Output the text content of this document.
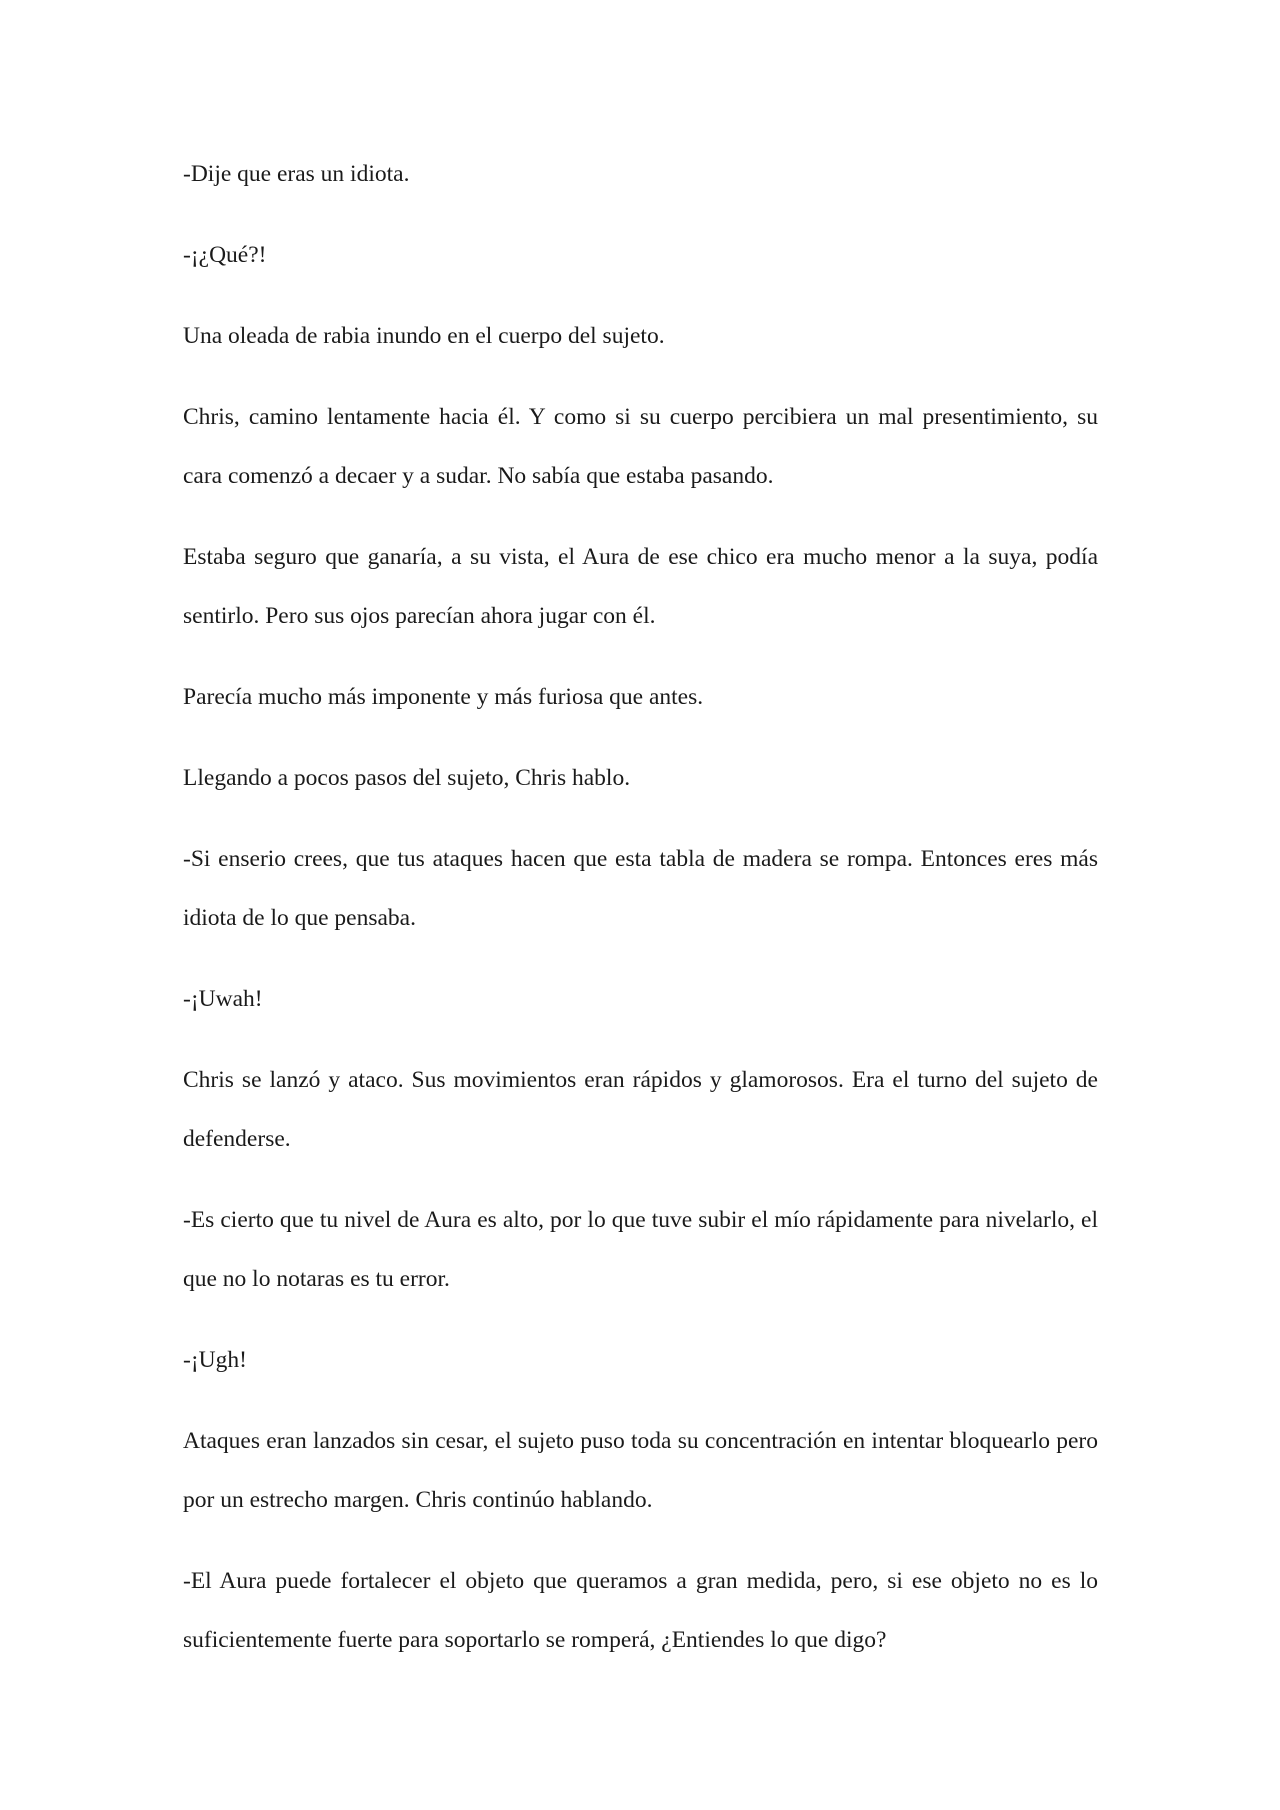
-Dije que eras un idiota.

-¡¿Qué?!

Una oleada de rabia inundo en el cuerpo del sujeto.

Chris, camino lentamente hacia él. Y como si su cuerpo percibiera un mal presentimiento, su cara comenzó a decaer y a sudar. No sabía que estaba pasando.

Estaba seguro que ganaría, a su vista, el Aura de ese chico era mucho menor a la suya, podía sentirlo. Pero sus ojos parecían ahora jugar con él.

Parecía mucho más imponente y más furiosa que antes.

Llegando a pocos pasos del sujeto, Chris hablo.

-Si enserio crees, que tus ataques hacen que esta tabla de madera se rompa. Entonces eres más idiota de lo que pensaba.

-¡Uwah!

Chris se lanzó y ataco. Sus movimientos eran rápidos y glamorosos. Era el turno del sujeto de defenderse.

-Es cierto que tu nivel de Aura es alto, por lo que tuve subir el mío rápidamente para nivelarlo, el que no lo notaras es tu error.

-¡Ugh!

Ataques eran lanzados sin cesar, el sujeto puso toda su concentración en intentar bloquearlo pero por un estrecho margen. Chris continúo hablando.

-El Aura puede fortalecer el objeto que queramos a gran medida, pero, si ese objeto no es lo suficientemente fuerte para soportarlo se romperá, ¿Entiendes lo que digo?
